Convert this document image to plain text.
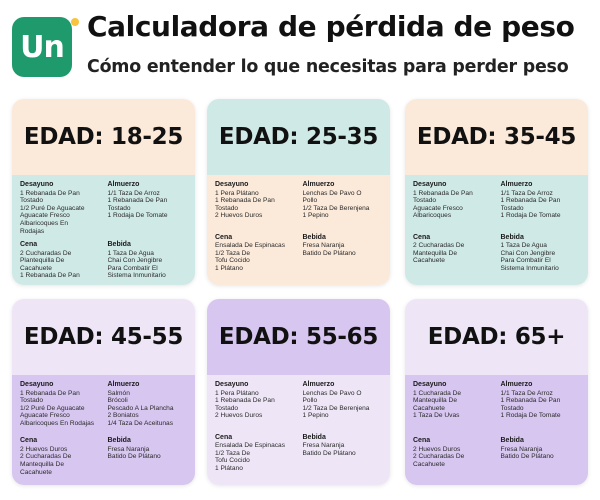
Un
Calculadora de pérdida de peso
Cómo entender lo que necesitas para perder peso
EDAD: 18-25
Desayuno
1 Rebanada De Pan
Tostado
1/2 Puré De Aguacate
Aguacate Fresco
Albaricoques En
Rodajas
Almuerzo
1/1 Taza De Arroz
1 Rebanada De Pan
Tostado
1 Rodaja De Tomate
Cena
2 Cucharadas De
Plantequilla De
Cacahuete
1 Rebanada De Pan
Bebida
1 Taza De Agua
Chai Con Jengibre
Para Combatir El
Sistema Inmunitario
EDAD: 25-35
Desayuno
1 Pera Plátano
1 Rebanada De Pan
Tostado
2 Huevos Duros
Almuerzo
Lenchas De Pavo O
Pollo
1/2 Taza De Berenjena
1 Pepino
Cena
Ensalada De Espinacas
1/2 Taza De
Tofu Cocido
1 Plátano
Bebida
Fresa Naranja
Batido De Plátano
EDAD: 35-45
Desayuno
1 Rebanada De Pan
Tostado
Aguacate Fresco
Albaricoques
Almuerzo
1/1 Taza De Arroz
1 Rebanada De Pan
Tostado
1 Rodaja De Tomate
Cena
2 Cucharadas De
Mantequilla De
Cacahuete
Bebida
1 Taza De Agua
Chai Con Jengibre
Para Combatir El
Sistema Inmunitario
EDAD: 45-55
Desayuno
1 Rebanada De Pan
Tostado
1/2 Puré De Aguacate
Aguacate Fresco
Albaricoques En Rodajas
Almuerzo
Salmón
Brócoli
Pescado A La Plancha
2 Boniatos
1/4 Taza De Aceitunas
Cena
2 Huevos Duros
2 Cucharadas De
Mantequilla De
Cacahuete
Bebida
Fresa Naranja
Batido De Plátano
EDAD: 55-65
Desayuno
1 Pera Plátano
1 Rebanada De Pan
Tostado
2 Huevos Duros
Almuerzo
Lenchas De Pavo O
Pollo
1/2 Taza De Berenjena
1 Pepino
Cena
Ensalada De Espinacas
1/2 Taza De
Tofu Cocido
1 Plátano
Bebida
Fresa Naranja
Batido De Plátano
EDAD: 65+
Desayuno
1 Cucharada De
Mantequilla De
Cacahuete
1 Taza De Uvas
Almuerzo
1/1 Taza De Arroz
1 Rebanada De Pan
Tostado
1 Rodaja De Tomate
Cena
2 Huevos Duros
2 Cucharadas De
Cacahuete
Bebida
Fresa Naranja
Batido De Plátano
